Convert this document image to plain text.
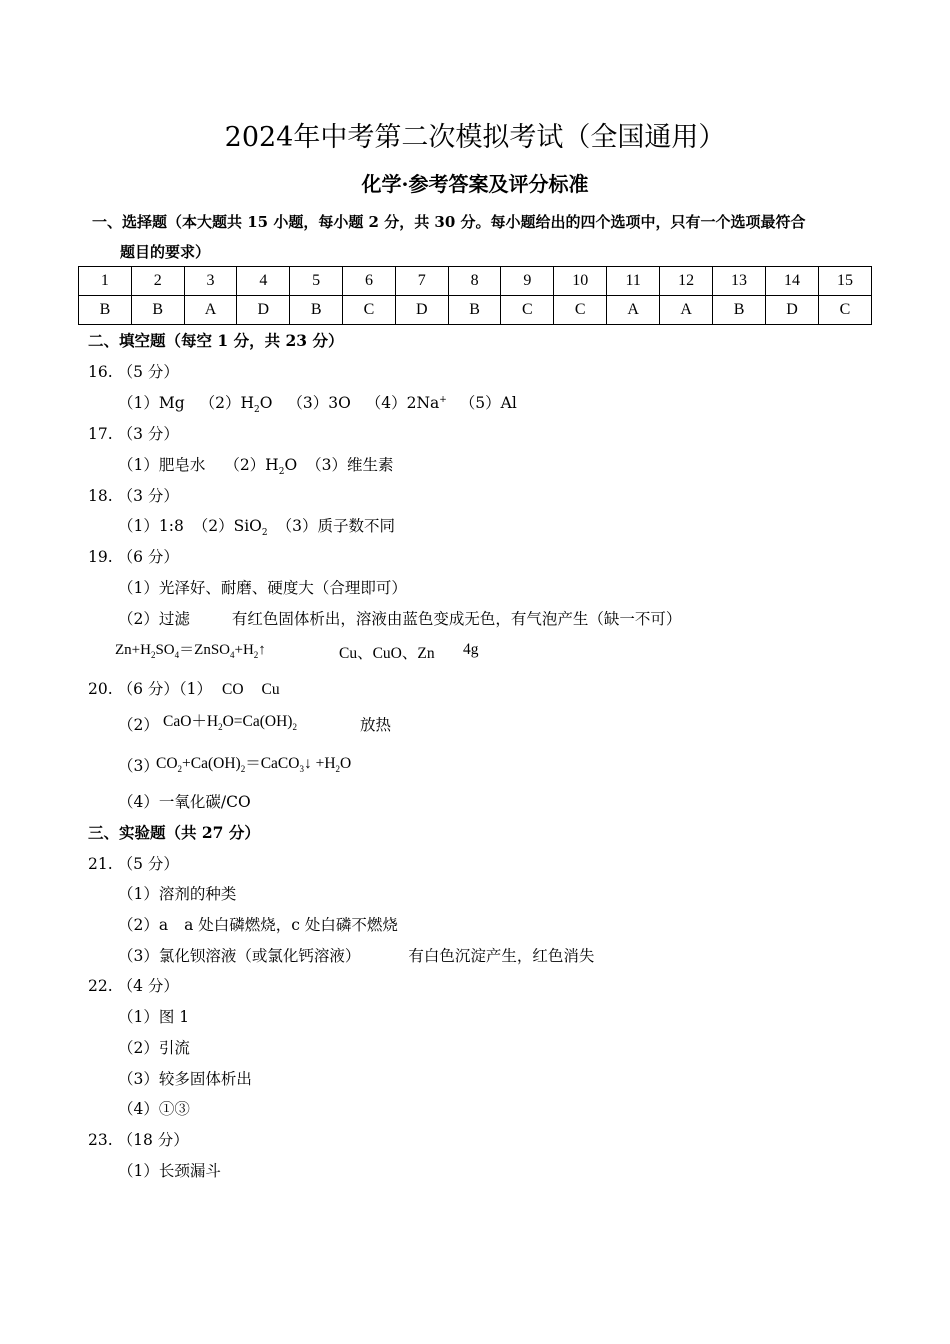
2024年中考第二次模拟考试（全国通用）
化学·参考答案及评分标准
一、选择题（本大题共 15 小题，每小题 2 分，共 30 分。每小题给出的四个选项中，只有一个选项最符合
题目的要求）
1	2	3	4	5	6	7	8	9	10	11	12	13	14	15
B	B	A	D	B	C	D	B	C	C	A	A	B	D	C
二、填空题（每空 1 分，共 23 分）
16. （5 分）
（1）Mg $(2)H_2O$ （3）3O （4）2Na+ （5）Al
17. （3 分）
（1）肥皂水 $(2)H_2O$ （3）维生素
18. （3 分）
（1）1:8 （2）SiO$_2$ （3）质子数不同
19. （6 分）
（1）光泽好、耐磨、硬度大（合理即可）
（2）过滤	有红色固体析出，溶液由蓝色变成无色，有气泡产生（缺一不可）
$Zn+H_2SO_4=ZnSO_4+H_2↑$	Cu、CuO、Zn 4g
20. （6 分）（1） CO Cu
（2） $CaO+H_2O=Ca(OH)_2$	放热
（3）
$CO_2+Ca(OH)_2=CaCO_3↓ +H_2O$
（4）一氧化碳/CO
三、实验题（共 27 分）
21. （5 分）
（1）溶剂的种类
（2）a a 处白磷燃烧，c 处白磷不燃烧
（3）氯化钡溶液（或氯化钙溶液）	有白色沉淀产生，红色消失
22. （4 分）
（1）图 1
（2）引流
（3）较多固体析出
（4）①③
23. （18 分）
（1）长颈漏斗
